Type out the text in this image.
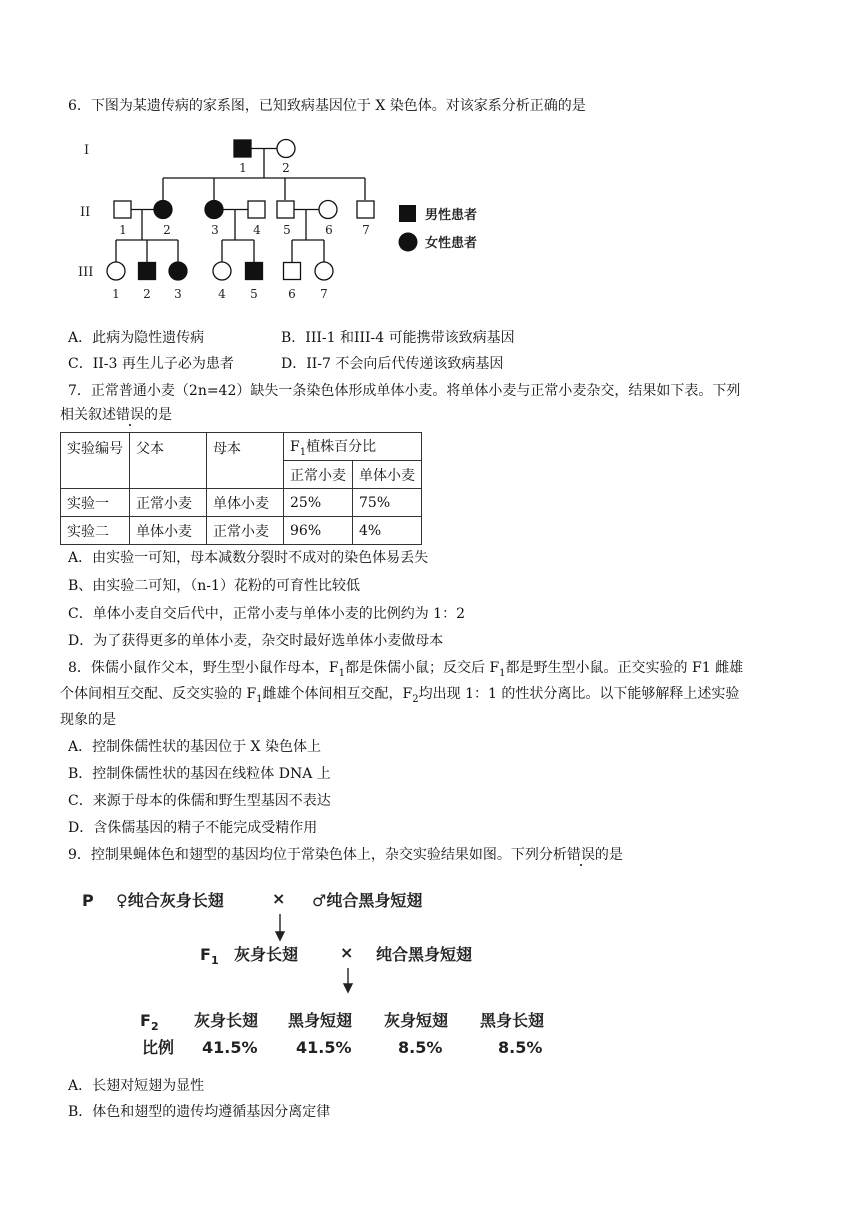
6．下图为某遗传病的家系图，已知致病基因位于 X 染色体。对该家系分析正确的是
I
II
III
1	2
1	2	3	4 5	6 7
1 2 3	4 5	6 7
男性患者
女性患者
A．此病为隐性遗传病	B．III-1 和III-4 可能携带该致病基因
C．II-3 再生儿子必为患者	D．II-7 不会向后代传递该致病基因
7．正常普通小麦（2n=42）缺失一条染色体形成单体小麦。将单体小麦与正常小麦杂交，结果如下表。下列
相关叙述错误的是
实验编号	父本	母本	$F_1$植株百分比	
			正常小麦	单体小麦
实验一	正常小麦	单体小麦	25%	75%
实验二	单体小麦	正常小麦	96%	4%
A．由实验一可知，母本减数分裂时不成对的染色体易丢失
B、由实验二可知，（n-1）花粉的可育性比较低
C．单体小麦自交后代中，正常小麦与单体小麦的比例约为 1：2
D．为了获得更多的单体小麦，杂交时最好选单体小麦做母本
8．侏儒小鼠作父本，野生型小鼠作母本，$F_1$都是侏儒小鼠；反交后 $F_1$都是野生型小鼠。正交实验的 F1 雌雄
个体间相互交配、反交实验的 $F_1$雌雄个体间相互交配，$F_2$均出现 1：1 的性状分离比。以下能够解释上述实验
现象的是
A．控制侏儒性状的基因位于 X 染色体上
B．控制侏儒性状的基因在线粒体 DNA 上
C．来源于母本的侏儒和野生型基因不表达
D．含侏儒基因的精子不能完成受精作用
9．控制果蝇体色和翅型的基因均位于常染色体上，杂交实验结果如图。下列分析错误的是
P ♀纯合灰身长翅	× ♂纯合黑身短翅
$F_1$ 灰身长翅	× 纯合黑身短翅
$F_2$ 灰身长翅 黑身短翅 灰身短翅 黑身长翅
比例 41.5% 41.5%	8.5%	8.5%
A．长翅对短翅为显性
B．体色和翅型的遗传均遵循基因分离定律
